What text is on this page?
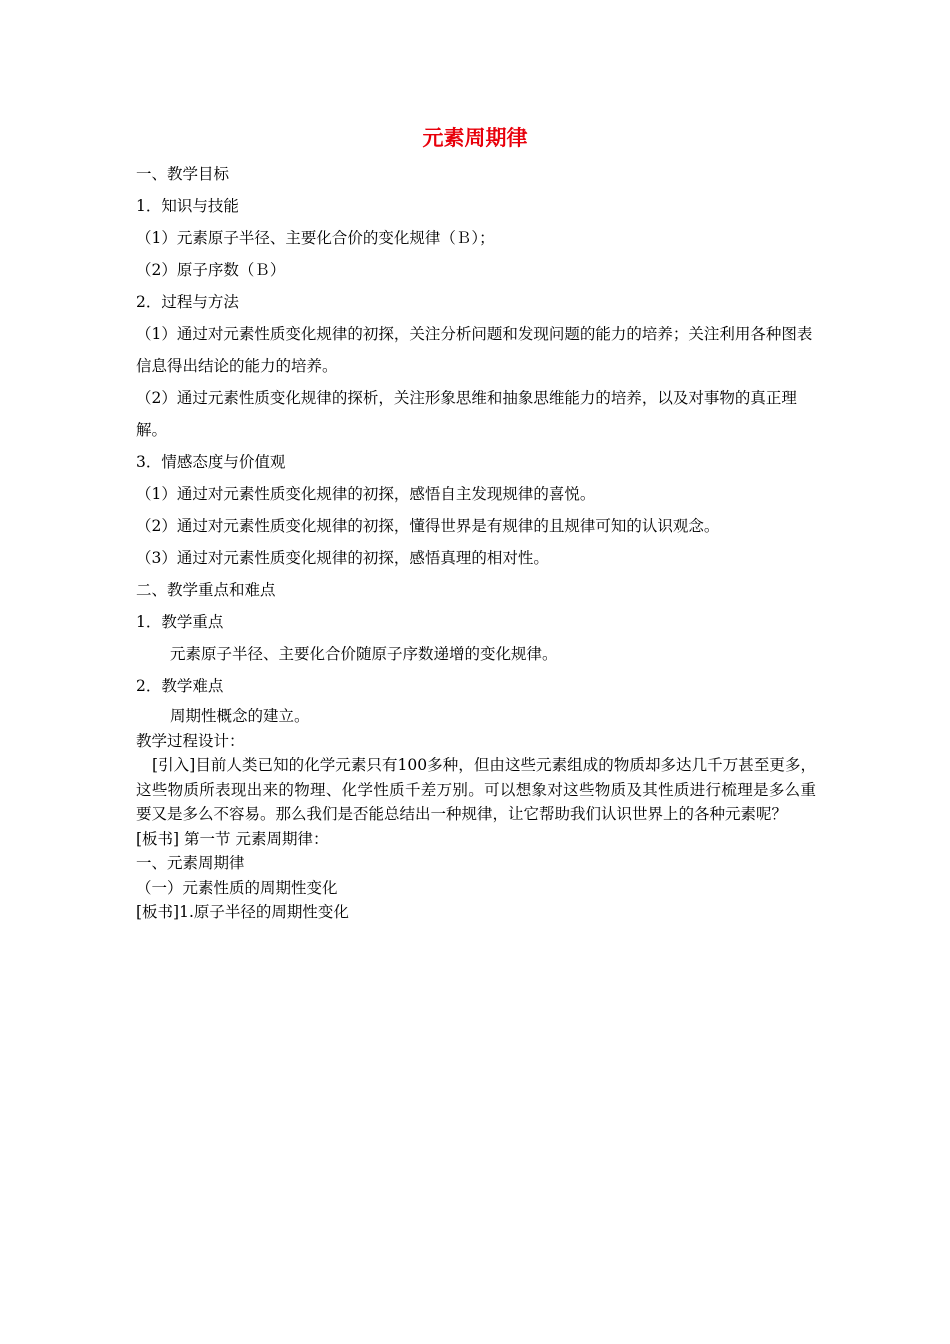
元素周期律
一、教学目标
1．知识与技能
（1）元素原子半径、主要化合价的变化规律（Ｂ）；
（2）原子序数（Ｂ）
2．过程与方法
（1）通过对元素性质变化规律的初探，关注分析问题和发现问题的能力的培养；关注利用各种图表信息得出结论的能力的培养。
（2）通过元素性质变化规律的探析，关注形象思维和抽象思维能力的培养，以及对事物的真正理解。
3．情感态度与价值观
（1）通过对元素性质变化规律的初探，感悟自主发现规律的喜悦。
（2）通过对元素性质变化规律的初探，懂得世界是有规律的且规律可知的认识观念。
（3）通过对元素性质变化规律的初探，感悟真理的相对性。
二、教学重点和难点
1．教学重点
元素原子半径、主要化合价随原子序数递增的变化规律。
2．教学难点
周期性概念的建立。
教学过程设计：
[引入]目前人类已知的化学元素只有100多种，但由这些元素组成的物质却多达几千万甚至更多，这些物质所表现出来的物理、化学性质千差万别。可以想象对这些物质及其性质进行梳理是多么重要又是多么不容易。那么我们是否能总结出一种规律，让它帮助我们认识世界上的各种元素呢？
[板书] 第一节 元素周期律：
一、元素周期律
（一）元素性质的周期性变化
[板书]1.原子半径的周期性变化
